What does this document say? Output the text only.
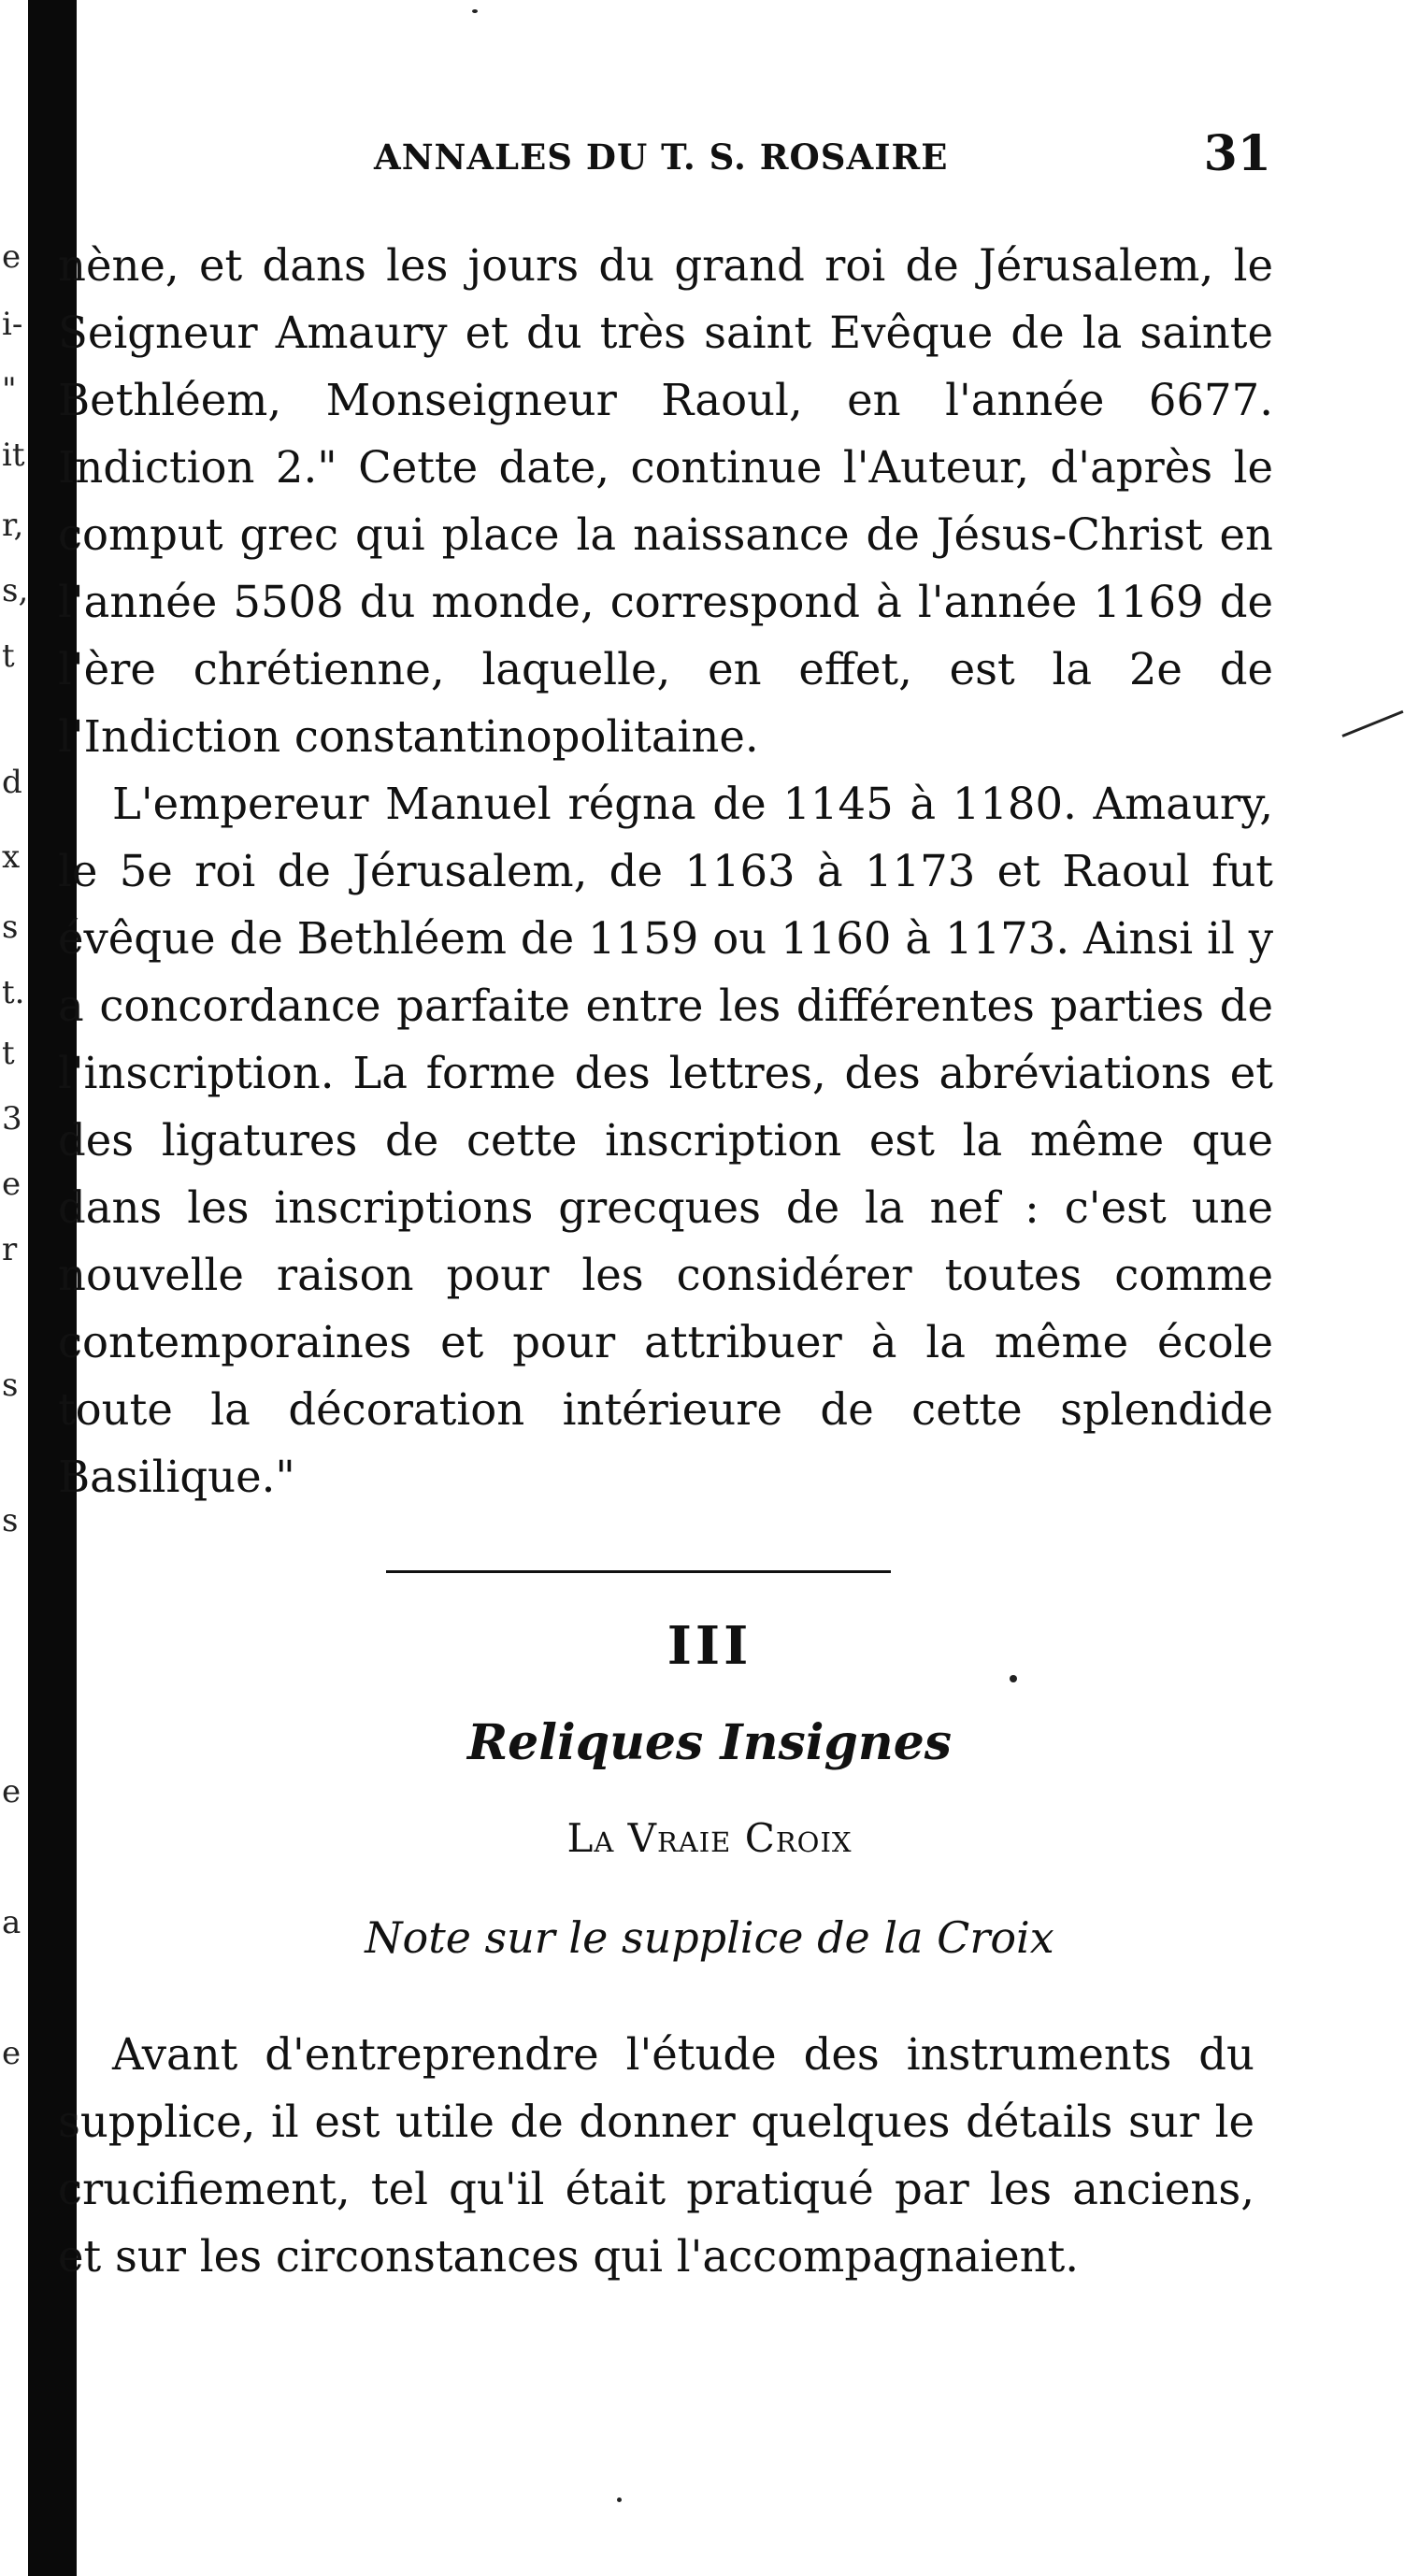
e
i-
"
it
r,
s,
t
d
x
s
t.
t
3
e
r
s
s
e
a
e
ANNALES DU T. S. ROSAIRE	31

nène, et dans les jours du grand roi de Jérusalem, le Seigneur Amaury et du très saint Evêque de la sainte Bethléem, Monseigneur Raoul, en l'année 6677. Indiction 2." Cette date, continue l'Auteur, d'après le comput grec qui place la naissance de Jésus-Christ en l'année 5508 du monde, correspond à l'année 1169 de l'ère chrétienne, laquelle, en effet, est la 2e de l'Indiction constantinopolitaine.

L'empereur Manuel régna de 1145 à 1180. Amaury, le 5e roi de Jérusalem, de 1163 à 1173 et Raoul fut évêque de Bethléem de 1159 ou 1160 à 1173. Ainsi il y a concordance parfaite entre les différentes parties de l'inscription. La forme des lettres, des abréviations et des ligatures de cette inscription est la même que dans les inscriptions grecques de la nef : c'est une nouvelle raison pour les considérer toutes comme contemporaines et pour attribuer à la même école toute la décoration intérieure de cette splendide Basilique."

III
Reliques Insignes
La Vraie Croix
Note sur le supplice de la Croix

Avant d'entreprendre l'étude des instruments du supplice, il est utile de donner quelques détails sur le crucifiement, tel qu'il était pratiqué par les anciens, et sur les circonstances qui l'accompagnaient.
